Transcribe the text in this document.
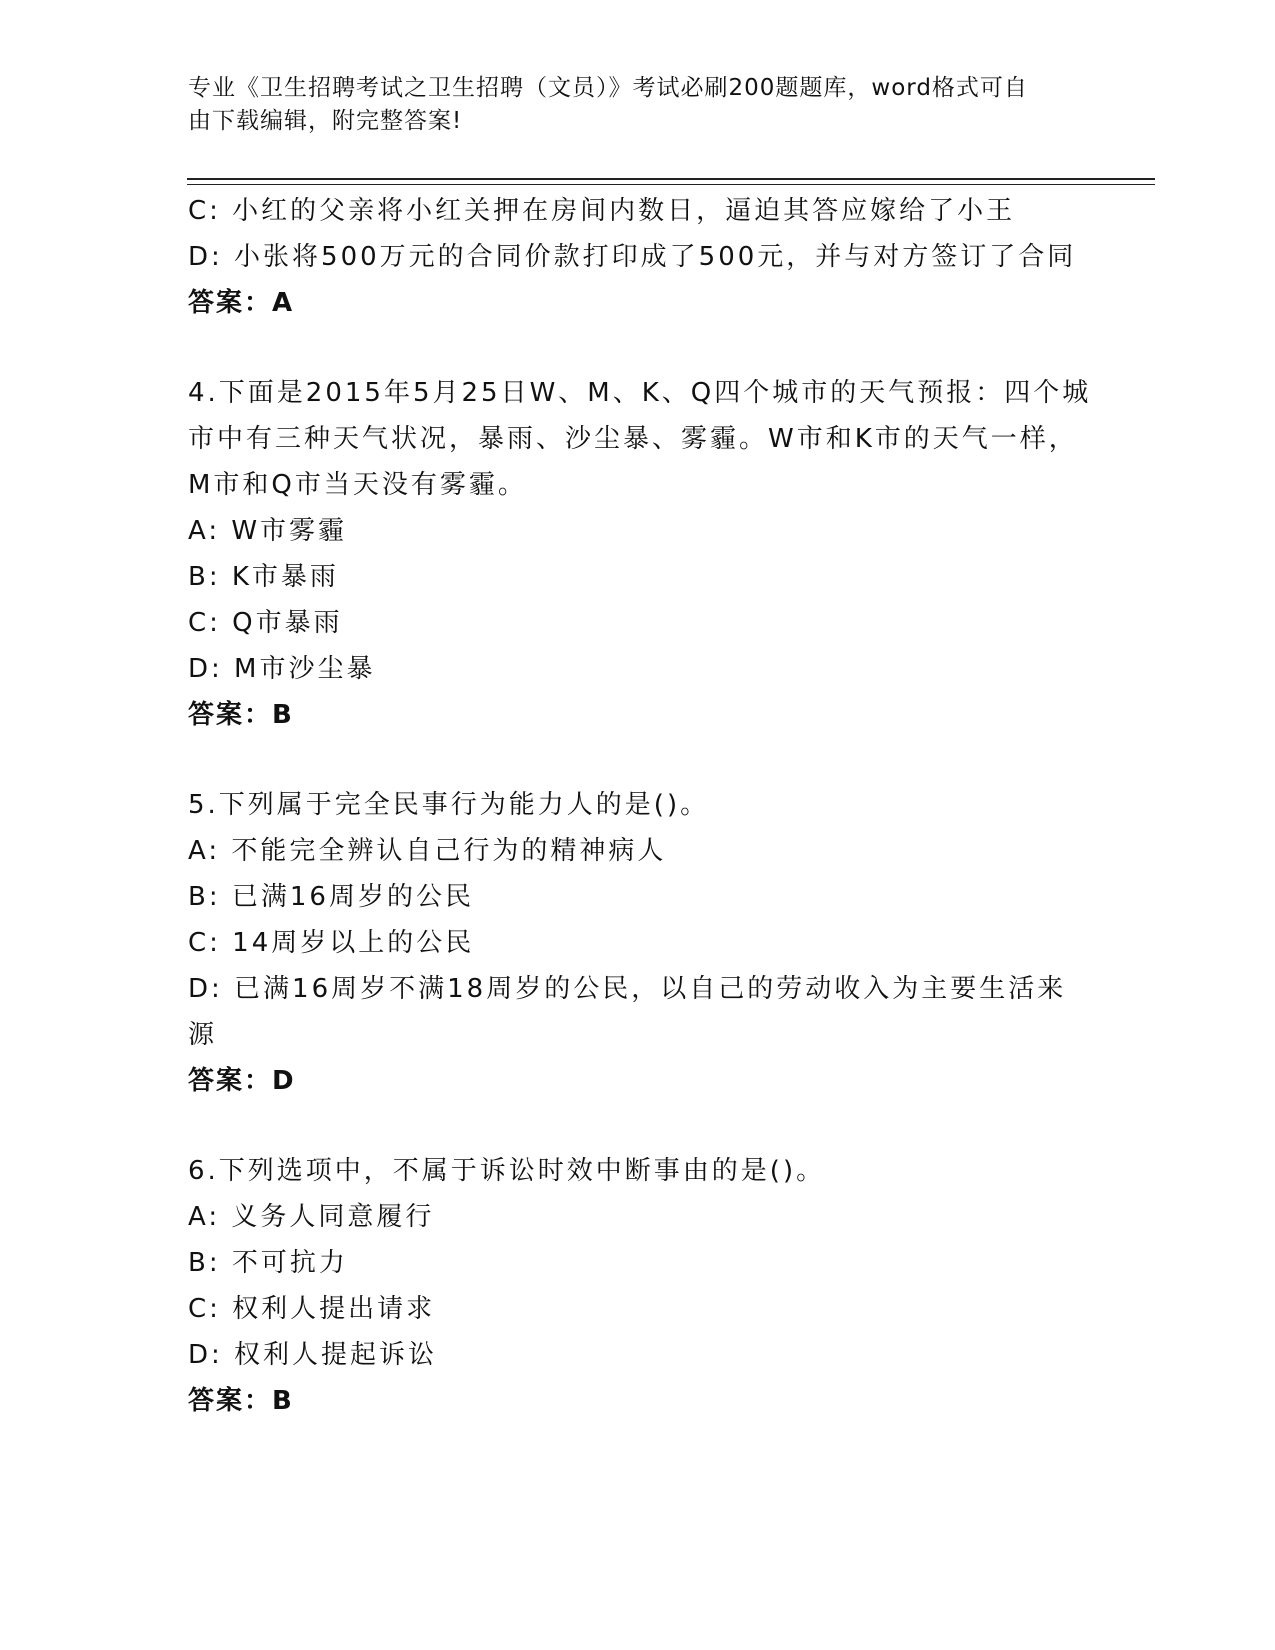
专业《卫生招聘考试之卫生招聘（文员）》考试必刷200题题库，word格式可自
由下载编辑，附完整答案!
C: 小红的父亲将小红关押在房间内数日，逼迫其答应嫁给了小王
D: 小张将500万元的合同价款打印成了500元，并与对方签订了合同
答案：A
4.下面是2015年5月25日W、M、K、Q四个城市的天气预报：四个城
市中有三种天气状况，暴雨、沙尘暴、雾霾。W市和K市的天气一样，
M市和Q市当天没有雾霾。
A: W市雾霾
B: K市暴雨
C: Q市暴雨
D: M市沙尘暴
答案：B
5.下列属于完全民事行为能力人的是()。
A: 不能完全辨认自己行为的精神病人
B: 已满16周岁的公民
C: 14周岁以上的公民
D: 已满16周岁不满18周岁的公民，以自己的劳动收入为主要生活来
源
答案：D
6.下列选项中，不属于诉讼时效中断事由的是()。
A: 义务人同意履行
B: 不可抗力
C: 权利人提出请求
D: 权利人提起诉讼
答案：B
